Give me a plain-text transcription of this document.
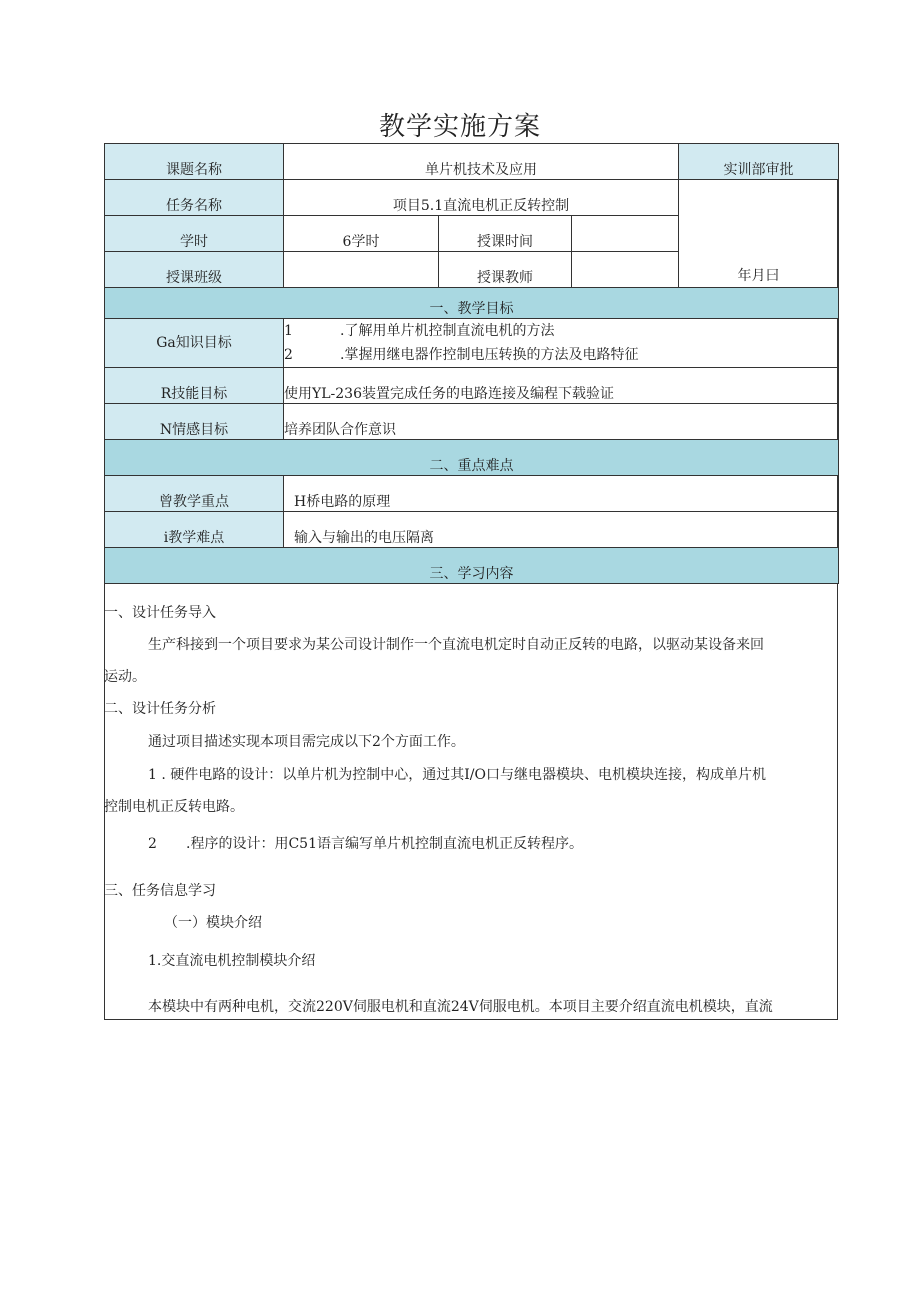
教学实施方案
课题名称	单片机技术及应用			实训部审批
任务名称	项目5.1直流电机正反转控制			年月曰
学时	6学时	授课时间		
授课班级		授课教师		
一、教学目标				
Ga知识目标	1 .了解用单片机控制直流电机的方法
2 .掌握用继电器作控制电压转换的方法及电路特征			

R技能目标	使用YL-236装置完成任务的电路连接及编程下载验证			
N情感目标	培养团队合作意识			
二、重点难点				
曾教学重点	H桥电路的原理			
i教学难点	输入与输出的电压隔离			
三、学习内容				

一、设计任务导入

生产科接到一个项目要求为某公司设计制作一个直流电机定时自动正反转的电路，以驱动某设备来回

运动。

二、设计任务分析

通过项目描述实现本项目需完成以下2个方面工作。

1 . 硬件电路的设计：以单片机为控制中心，通过其I/O口与继电器模块、电机模块连接，构成单片机

控制电机正反转电路。

2 .程序的设计：用C51语言编写单片机控制直流电机正反转程序。

三、任务信息学习

（一）模块介绍

1.交直流电机控制模块介绍

本模块中有两种电机，交流220V伺服电机和直流24V伺服电机。本项目主要介绍直流电机模块，直流
